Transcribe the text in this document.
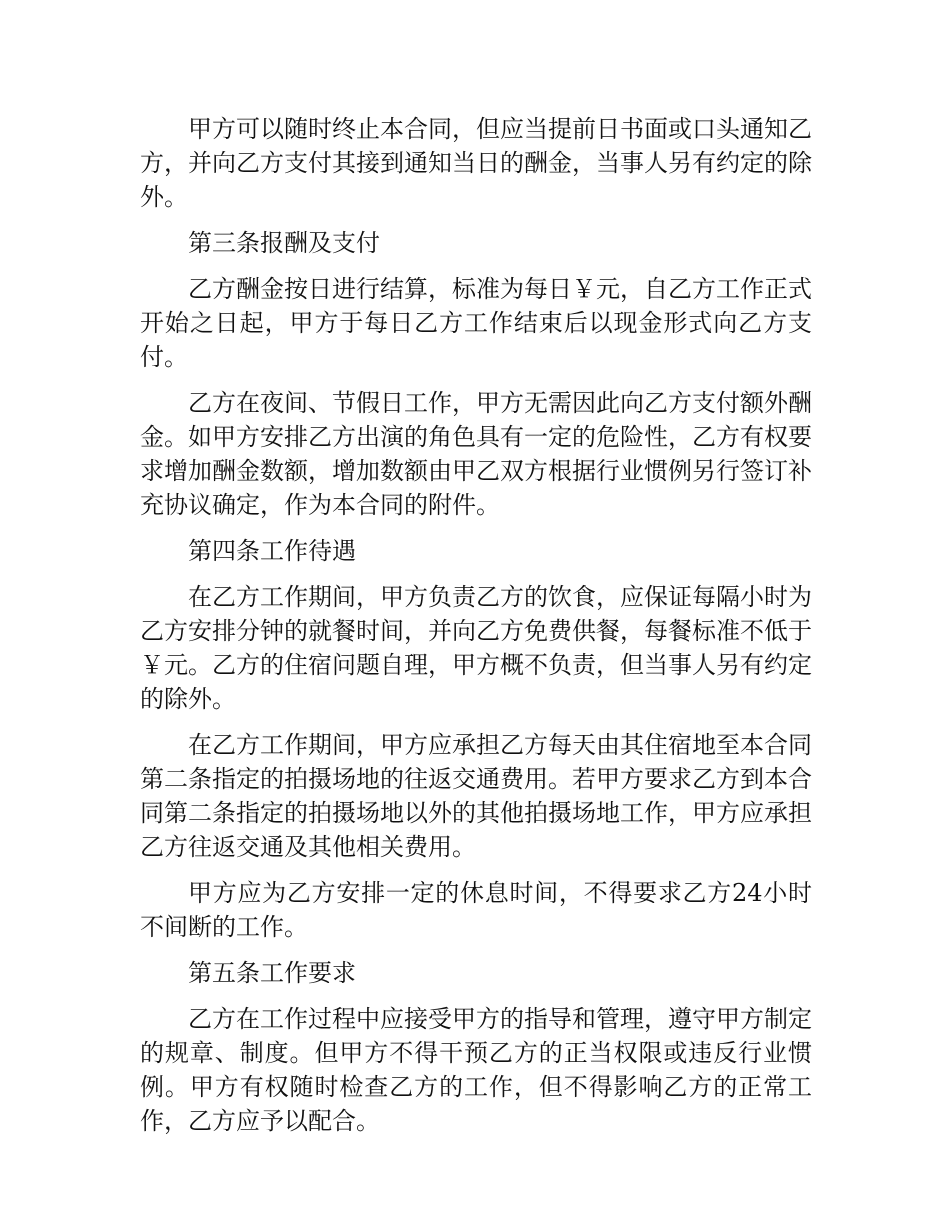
甲方可以随时终止本合同，但应当提前日书面或口头通知乙方，并向乙方支付其接到通知当日的酬金，当事人另有约定的除外。

第三条报酬及支付

乙方酬金按日进行结算，标准为每日￥元，自乙方工作正式开始之日起，甲方于每日乙方工作结束后以现金形式向乙方支付。

乙方在夜间、节假日工作，甲方无需因此向乙方支付额外酬金。如甲方安排乙方出演的角色具有一定的危险性，乙方有权要求增加酬金数额，增加数额由甲乙双方根据行业惯例另行签订补充协议确定，作为本合同的附件。

第四条工作待遇

在乙方工作期间，甲方负责乙方的饮食，应保证每隔小时为乙方安排分钟的就餐时间，并向乙方免费供餐，每餐标准不低于￥元。乙方的住宿问题自理，甲方概不负责，但当事人另有约定的除外。

在乙方工作期间，甲方应承担乙方每天由其住宿地至本合同第二条指定的拍摄场地的往返交通费用。若甲方要求乙方到本合同第二条指定的拍摄场地以外的其他拍摄场地工作，甲方应承担乙方往返交通及其他相关费用。

甲方应为乙方安排一定的休息时间，不得要求乙方24小时不间断的工作。

第五条工作要求

乙方在工作过程中应接受甲方的指导和管理，遵守甲方制定的规章、制度。但甲方不得干预乙方的正当权限或违反行业惯例。甲方有权随时检查乙方的工作，但不得影响乙方的正常工作，乙方应予以配合。
